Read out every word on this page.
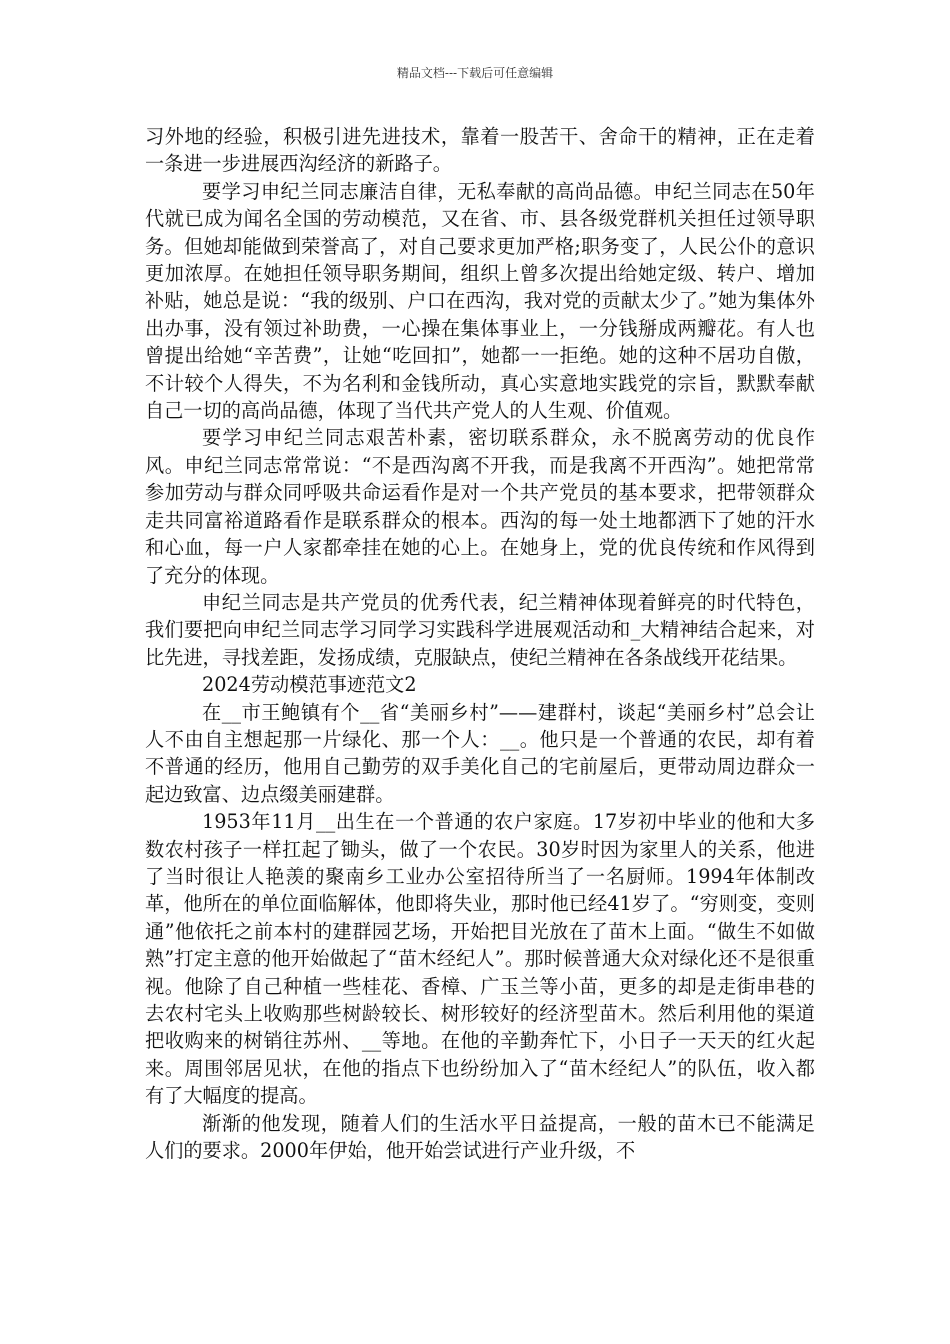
精品文档---下载后可任意编辑

习外地的经验，积极引进先进技术，靠着一股苦干、舍命干的精神，正在走着一条进一步进展西沟经济的新路子。

要学习申纪兰同志廉洁自律，无私奉献的高尚品德。申纪兰同志在50年代就已成为闻名全国的劳动模范，又在省、市、县各级党群机关担任过领导职务。但她却能做到荣誉高了，对自己要求更加严格;职务变了，人民公仆的意识更加浓厚。在她担任领导职务期间，组织上曾多次提出给她定级、转户、增加补贴，她总是说：“我的级别、户口在西沟，我对党的贡献太少了。”她为集体外出办事，没有领过补助费，一心操在集体事业上，一分钱掰成两瓣花。有人也曾提出给她“辛苦费”，让她“吃回扣”，她都一一拒绝。她的这种不居功自傲，不计较个人得失，不为名利和金钱所动，真心实意地实践党的宗旨，默默奉献自己一切的高尚品德，体现了当代共产党人的人生观、价值观。

要学习申纪兰同志艰苦朴素，密切联系群众，永不脱离劳动的优良作风。申纪兰同志常常说：“不是西沟离不开我，而是我离不开西沟”。她把常常参加劳动与群众同呼吸共命运看作是对一个共产党员的基本要求，把带领群众走共同富裕道路看作是联系群众的根本。西沟的每一处土地都洒下了她的汗水和心血，每一户人家都牵挂在她的心上。在她身上，党的优良传统和作风得到了充分的体现。

申纪兰同志是共产党员的优秀代表，纪兰精神体现着鲜亮的时代特色，我们要把向申纪兰同志学习同学习实践科学进展观活动和_大精神结合起来，对比先进，寻找差距，发扬成绩，克服缺点，使纪兰精神在各条战线开花结果。

2024劳动模范事迹范文2

在__市王鲍镇有个__省“美丽乡村”——建群村，谈起“美丽乡村”总会让人不由自主想起那一片绿化、那一个人：__。他只是一个普通的农民，却有着不普通的经历，他用自己勤劳的双手美化自己的宅前屋后，更带动周边群众一起边致富、边点缀美丽建群。

1953年11月__出生在一个普通的农户家庭。17岁初中毕业的他和大多数农村孩子一样扛起了锄头，做了一个农民。30岁时因为家里人的关系，他进了当时很让人艳羡的聚南乡工业办公室招待所当了一名厨师。1994年体制改革，他所在的单位面临解体，他即将失业，那时他已经41岁了。“穷则变，变则通”他依托之前本村的建群园艺场，开始把目光放在了苗木上面。“做生不如做熟”打定主意的他开始做起了“苗木经纪人”。那时候普通大众对绿化还不是很重视。他除了自己种植一些桂花、香樟、广玉兰等小苗，更多的却是走街串巷的去农村宅头上收购那些树龄较长、树形较好的经济型苗木。然后利用他的渠道把收购来的树销往苏州、__等地。在他的辛勤奔忙下，小日子一天天的红火起来。周围邻居见状，在他的指点下也纷纷加入了“苗木经纪人”的队伍，收入都有了大幅度的提高。

渐渐的他发现，随着人们的生活水平日益提高，一般的苗木已不能满足人们的要求。2000年伊始，他开始尝试进行产业升级，不
